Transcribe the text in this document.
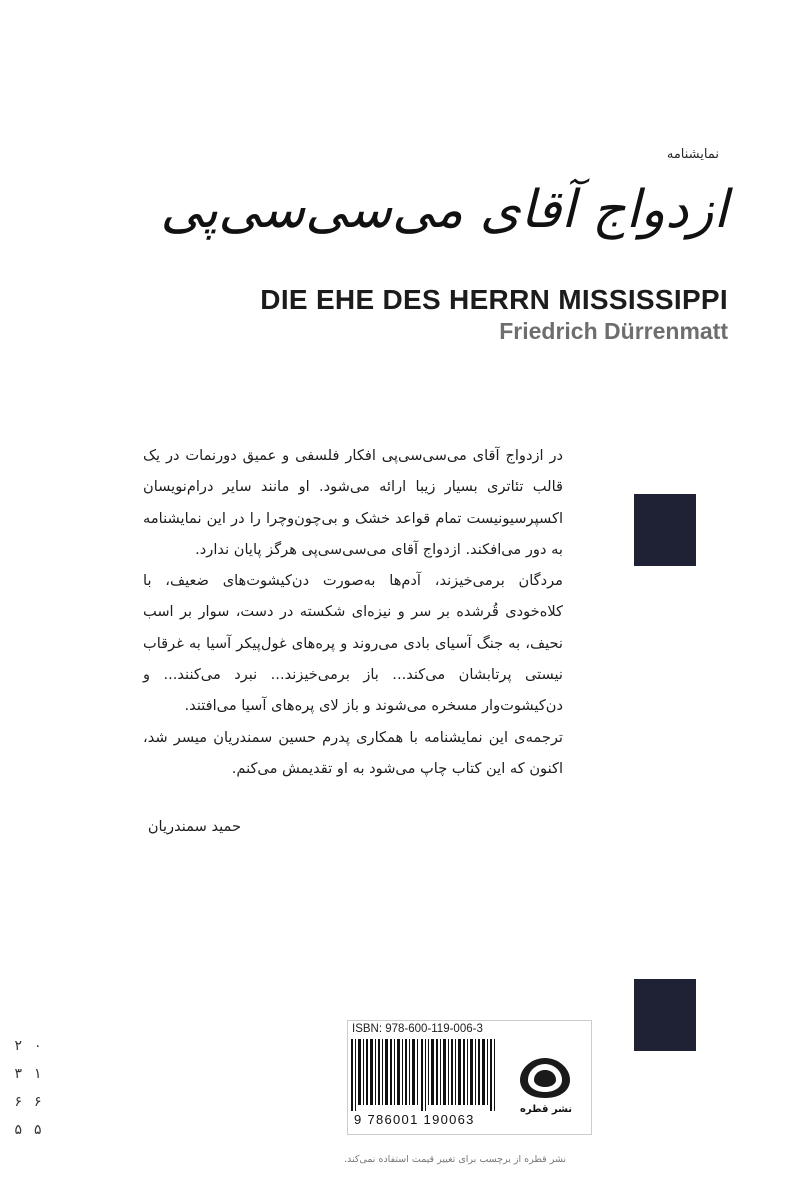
نمایشنامه
ازدواج آقای می‌سی‌سی‌پی
DIE EHE DES HERRN MISSISSIPPI
Friedrich Dürrenmatt

در ازدواج آقای می‌سی‌سی‌پی افکار فلسفی و عمیق دورنمات در یک قالب تئاتری بسیار زیبا ارائه می‌شود. او مانند سایر درام‌نویسان اکسپرسیونیست تمام قواعد خشک و بی‌چون‌وچرا را در این نمایشنامه به دور می‌افکند. ازدواج آقای می‌سی‌سی‌پی هرگز پایان ندارد.

مردگان برمی‌خیزند، آدم‌ها به‌صورت دن‌کیشوت‌های ضعیف، با کلاه‌خودی قُرشده بر سر و نیزه‌ای شکسته در دست، سوار بر اسب نحیف، به جنگ آسیای بادی می‌روند و پره‌های غول‌پیکر آسیا به غرقاب نیستی پرتابشان می‌کند... باز برمی‌خیزند... نبرد می‌کنند... و دن‌کیشوت‌وار مسخره می‌شوند و باز لای پره‌های آسیا می‌افتند.

ترجمه‌ی این نمایشنامه با همکاری پدرم حسین سمندریان میسر شد، اکنون که این کتاب چاپ می‌شود به او تقدیمش می‌کنم.

حمید سمندریان
ISBN: 978-600-119-006-3
9 786001 190063
نشر قطره
نشر قطره از برچسب برای تغییر قیمت استفاده نمی‌کند.
۲ ۰
۳ ۱
۶ ۶
۵ ۵
